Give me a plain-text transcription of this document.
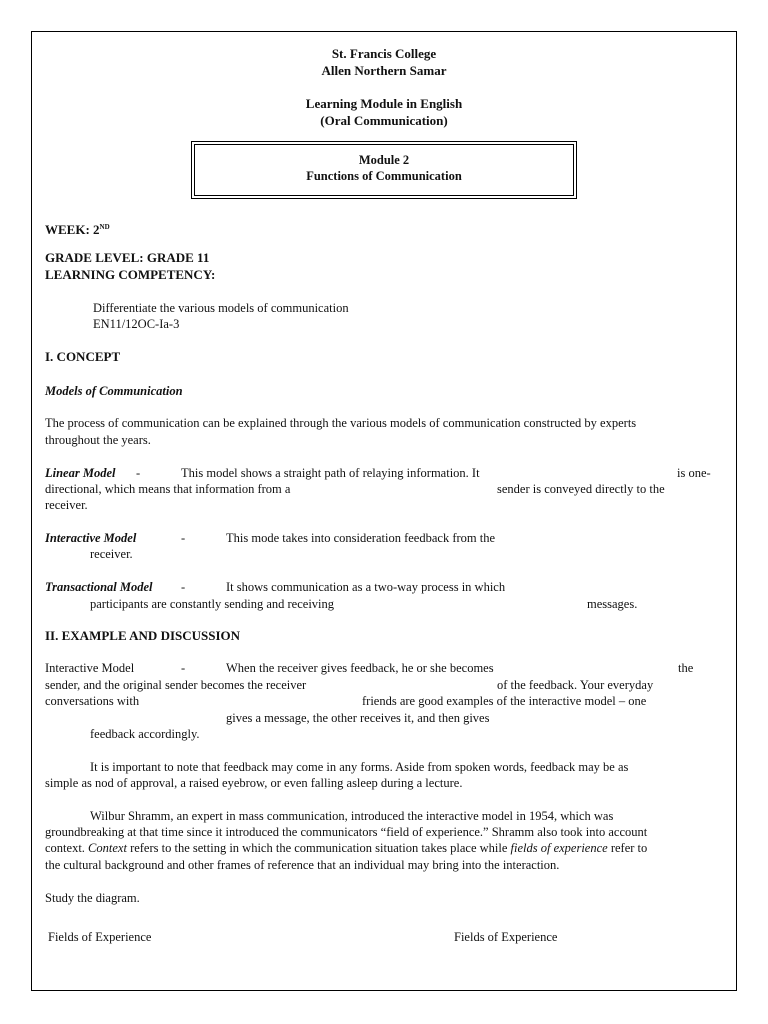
St. Francis College
Allen Northern Samar
Learning Module in English
(Oral Communication)
Module 2
Functions of Communication
WEEK: 2ND
GRADE LEVEL: GRADE 11
LEARNING COMPETENCY:
Differentiate the various models of communication
EN11/12OC-Ia-3
I. CONCEPT
Models of Communication
The process of communication can be explained through the various models of communication constructed by experts
throughout the years.
Linear Model -	This model shows a straight path of relaying information. It	is one-
directional, which means that information from a	sender is conveyed directly to the
receiver.
Interactive Model	-	This mode takes into consideration feedback from the
receiver.
Transactional Model -	It shows communication as a two-way process in which
participants are constantly sending and receiving	messages.
II. EXAMPLE AND DISCUSSION
Interactive Model	-	When the receiver gives feedback, he or she becomes	the
sender, and the original sender becomes the receiver	of the feedback. Your everyday
conversations with	friends are good examples of the interactive model – one
gives a message, the other receives it, and then gives
feedback accordingly.
It is important to note that feedback may come in any forms. Aside from spoken words, feedback may be as
simple as nod of approval, a raised eyebrow, or even falling asleep during a lecture.
Wilbur Shramm, an expert in mass communication, introduced the interactive model in 1954, which was
groundbreaking at that time since it introduced the communicators “field of experience.” Shramm also took into account
context. Context refers to the setting in which the communication situation takes place while fields of experience refer to
the cultural background and other frames of reference that an individual may bring into the interaction.
Study the diagram.
Fields of Experience	Fields of Experience
